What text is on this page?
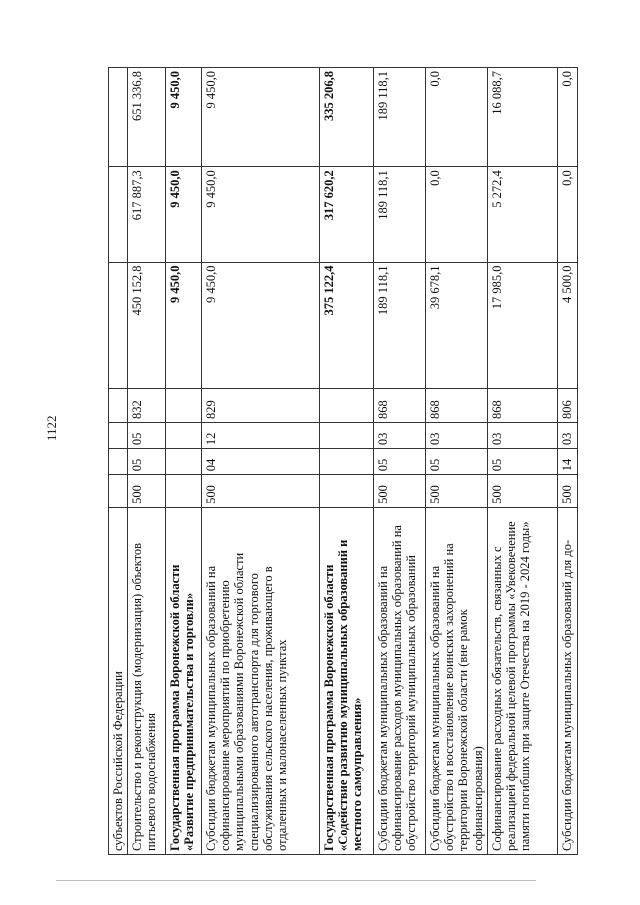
1122
субъектов Российской Федерации							
Строительство и реконструкция (модернизация) объектов питьевого водоснабжения	500	05	05	832	450 152,8	617 887,3	651 336,8
Государственная программа Воронежской области «Развитие предпринимательства и торговли»					9 450,0	9 450,0	9 450,0
Субсидии бюджетам муниципальных образований на софинансирование мероприятий по приобретению муниципальными образованиями Воронежской области специализированного автотранспорта для торгового обслуживания сельского населения, проживающего в отдаленных и малонаселенных пунктах	500	04	12	829	9 450,0	9 450,0	9 450,0
Государственная программа Воронежской области «Содействие развитию муниципальных образований и местного самоуправления»					375 122,4	317 620,2	335 206,8
Субсидии бюджетам муниципальных образований на софинансирование расходов муниципальных образований на обустройство территорий муниципальных образований	500	05	03	868	189 118,1	189 118,1	189 118,1
Субсидии бюджетам муниципальных образований на обустройство и восстановление воинских захоронений на территории Воронежской области (вне рамок софинансирования)	500	05	03	868	39 678,1	0,0	0,0
Софинансирование расходных обязательств, связанных с реализацией федеральной целевой программы «Увековечение памяти погибших при защите Отечества на 2019 - 2024 годы»	500	05	03	868	17 985,0	5 272,4	16 088,7
Субсидии бюджетам муниципальных образований для до-	500	14	03	806	4 500,0	0,0	0,0
